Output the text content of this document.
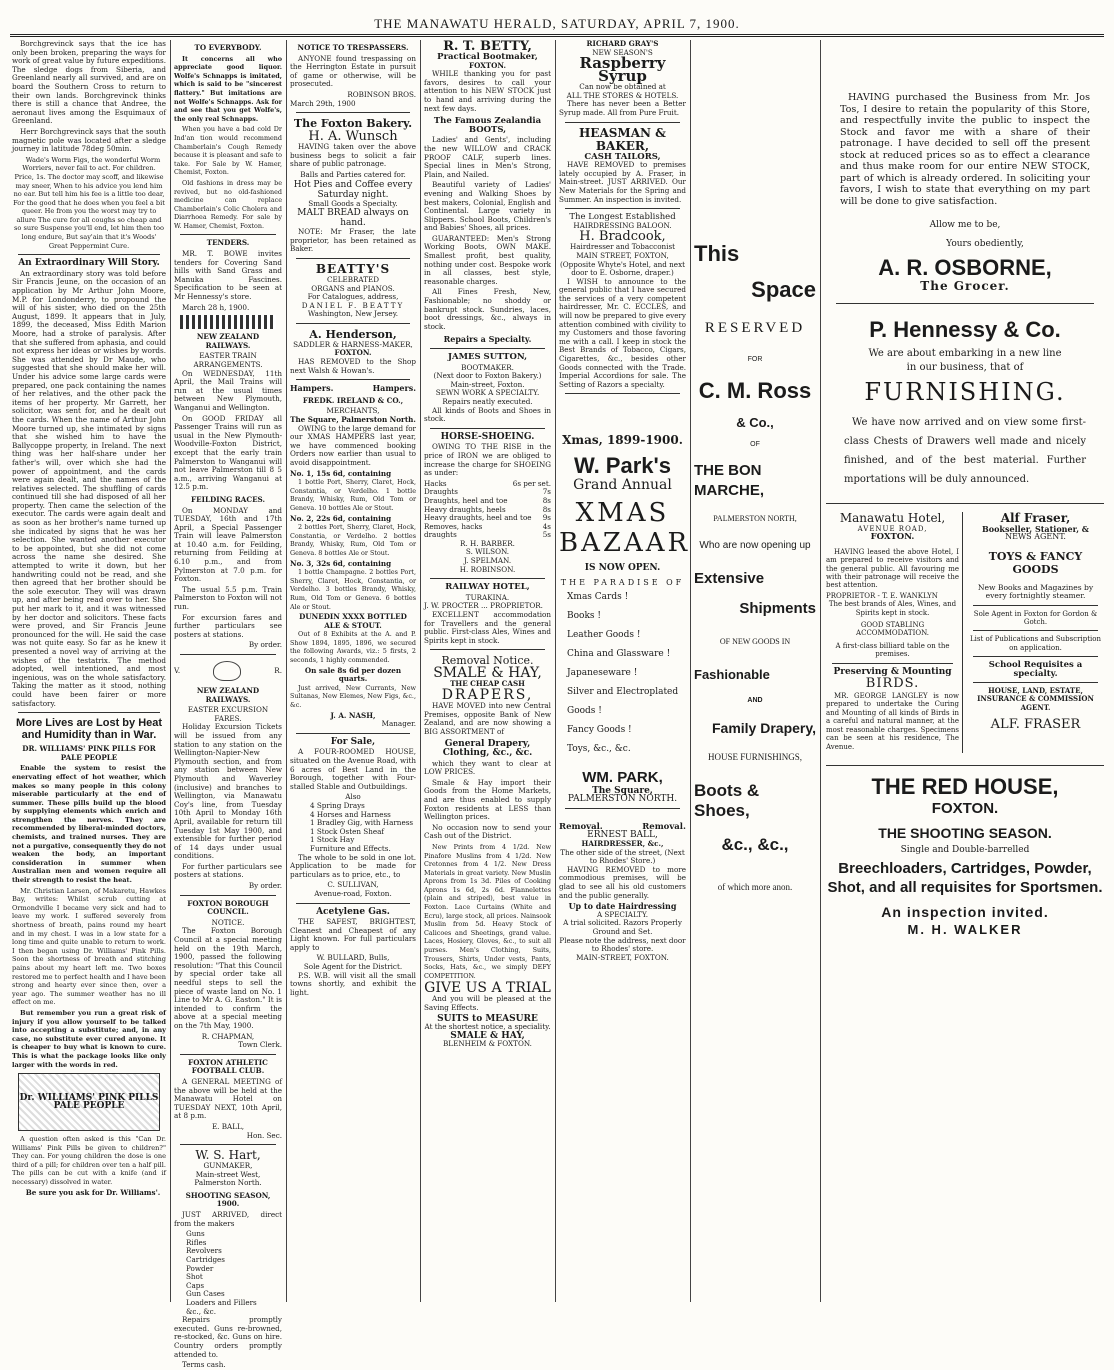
THE MANAWATU HERALD, SATURDAY, APRIL 7, 1900.

Borchgrevinck says that the ice has only been broken, preparing the ways for work of great value by future expeditions. The sledge dogs from Siberia, and Greenland nearly all survived, and are on board the Southern Cross to return to their own lands. Borchgrevinck thinks there is still a chance that Andree, the aeronaut lives among the Esquimaux of Greenland.

Herr Borchgrevinck says that the south magnetic pole was located after a sledge journey in latitude 78deg 50min.

Wade's Worm Figs, the wonderful Worm Worriers, never fail to act. For children. Price, 1s. The doctor may scoff, and likewise may sneer, When to his advice you lend him no ear. But tell him his fee is a little too dear, For the good that he does when you feel a bit queer. He from you the worst may try to allure The cure for all coughs so cheap and so sure Suspense you'll end, let him then too long endure, But say'ain that it's Woods' Great Peppermint Cure.

An Extraordinary Will Story.

An extraordinary story was told before Sir Francis Jeune, on the occasion of an application by Mr Arthur John Moore, M.P. for Londonderry, to propound the will of his sister, who died on the 25th August, 1899. It appears that in July, 1899, the deceased, Miss Edith Marion Moore, had a stroke of paralysis. After that she suffered from aphasia, and could not express her ideas or wishes by words. She was attended by Dr Maude, who suggested that she should make her will. Under his advice some large cards were prepared, one pack containing the names of her relatives, and the other pack the items of her property. Mr Garrett, her solicitor, was sent for, and he dealt out the cards. When the name of Arthur John Moore turned up, she intimated by signs that she wished him to have the Ballycoppe property, in Ireland. The next thing was her half-share under her father's will, over which she had the power of appointment, and the cards were again dealt, and the names of the relatives selected. The shuffling of cards continued till she had disposed of all her property. Then came the selection of the executor. The cards were again dealt and as soon as her brother's name turned up she indicated by signs that he was her selection. She wanted another executor to be appointed, but she did not come across the name she desired. She attempted to write it down, but her handwriting could not be read, and she then agreed that her brother should be the sole executor. They will was drawn up, and after being read over to her. She put her mark to it, and it was witnessed by her doctor and solicitors. These facts were proved, and Sir Francis Jeune pronounced for the will. He said the case was not quite easy. So far as he knew it presented a novel way of arriving at the wishes of the testatrix. The method adopted, well intentioned, and most ingenious, was on the whole satisfactory. Taking the matter as it stood, nothing could have been fairer or more satisfactory.

More Lives are Lost by Heat and Humidity than in War.
DR. WILLIAMS' PINK PILLS FOR PALE PEOPLE

Enable the system to resist the enervating effect of hot weather, which makes so many people in this colony miserable particularly at the end of summer. These pills build up the blood by supplying elements which enrich and strengthen the nerves. They are recommended by liberal-minded doctors, chemists, and trained nurses. They are not a purgative, consequently they do not weaken the body, an important consideration in summer when Australian men and women require all their strength to resist the heat.

Mr. Christian Larsen, of Makaretu, Hawkes Bay, writes: Whilst scrub cutting at Ormondville I became very sick and had to leave my work. I suffered severely from shortness of breath, pains round my heart and in my chest. I was in a low state for a long time and quite unable to return to work. I then began using Dr. Williams' Pink Pills. Soon the shortness of breath and stitching pains about my heart left me. Two boxes restored me to perfect health and I have been strong and hearty ever since then, over a year ago. The summer weather has no ill effect on me.

But remember you run a great risk of injury if you allow yourself to be talked into accepting a substitute; and, in any case, no substitute ever cured anyone. It is cheaper to buy what is known to cure. This is what the package looks like only larger with the words in red.

Dr. WILLIAMS' PINK PILLS PALE PEOPLE

A question often asked is this "Can Dr. Williams' Pink Pills be given to children?" They can. For young children the dose is one third of a pill; for children over ten a half pill. The pills can be cut with a knife (and if necessary) dissolved in water.

Be sure you ask for Dr. Williams'.

TO EVERYBODY.

It concerns all who appreciate good liquor. Wolfe's Schnapps is imitated, which is said to be "sincerest flattery." But imitations are not Wolfe's Schnapps. Ask for and see that you get Wolfe's, the only real Schnapps.

When you have a bad cold Dr Ind'an tion would recommend Chamberlain's Cough Remedy because it is pleasant and safe to take. For Sale by W. Hamer, Chemist, Foxton.

Old fashions in dress may be revived, but no old-fashioned medicine can replace Chamberlain's Colic Cholera and Diarrhoea Remedy. For sale by W. Hamer, Chemist, Foxton.

TENDERS.

MR. T. BOWE invites tenders for Covering Sand hills with Sand Grass and Manuka Fascines. Specification to be seen at Mr Hennessy's store.

March 28 h, 1900.

NEW ZEALAND RAILWAYS.
EASTER TRAIN ARRANGEMENTS.

On WEDNESDAY, 11th April, the Mail Trains will run at the usual times between New Plymouth, Wanganui and Wellington.

On GOOD FRIDAY all Passenger Trains will run as usual in the New Plymouth-Woodville-Foxton District, except that the early train Palmerston to Wanganui will not leave Palmerston till 8 5 a.m., arriving Wanganui at 12.5 p.m.

FEILDING RACES.

On MONDAY and TUESDAY, 16th and 17th April, a Special Passenger Train will leave Palmerston at 10.40 a.m. for Feilding, returning from Feilding at 6.10 p.m., and from Pylmerston at 7.0 p.m. for Foxton.

The usual 5.5 p.m. Train Palmerston to Foxton will not run.

For excursion fares and further particulars see posters at stations.

By order.
V.	R.
NEW ZEALAND RAILWAYS.
EASTER EXCURSION FARES.

Holiday Excursion Tickets will be issued from any station to any station on the Wellington-Napier-New Plymouth section, and from any station between New Plymouth and Waverley (inclusive) and branches to Wellington, via Manawatu Coy's line, from Tuesday 10th April to Monday 16th April, available for return till Tuesday 1st May 1900, and extensible for further period of 14 days under usual conditions.

For further particulars see posters at stations.

By order.
FOXTON BOROUGH COUNCIL.
NOTICE.

The Foxton Borough Council at a special meeting held on the 19th March, 1900, passed the following resolution: "That this Council by special order take all needful steps to sell the piece of waste land on No. 1 Line to Mr A. G. Easton." It is intended to confirm the above at a special meeting on the 7th May, 1900.

R. CHAPMAN,
Town Clerk.
FOXTON ATHLETIC FOOTBALL CLUB.

A GENERAL MEETING of the above will be held at the Manawatu Hotel on TUESDAY NEXT, 10th April, at 8 p.m.

E. BALL,
Hon. Sec.
W. S. Hart,
GUNMAKER,
Main-street West, Palmerston North.
SHOOTING SEASON, 1900.

JUST ARRIVED, direct from the makers

Guns
Rifles
Revolvers
Cartridges
Powder
Shot
Caps
Gun Cases
Loaders and Fillers
&c., &c.

Repairs promptly executed. Guns re-browned, re-stocked, &c. Guns on hire. Country orders promptly attended to.

Terms cash.

NOTICE TO TRESPASSERS.

ANYONE found trespassing on the Herrington Estate in pursuit of game or otherwise, will be prosecuted.

ROBINSON BROS.
March 29th, 1900
The Foxton Bakery.
H. A. Wunsch

HAVING taken over the above business begs to solicit a fair share of public patronage.

Balls and Parties catered for.
Hot Pies and Coffee every Saturday night.
Small Goods a Specialty.
MALT BREAD always on hand.

NOTE: Mr Fraser, the late proprietor, has been retained as Baker.

BEATTY'S
CELEBRATED
ORGANS and PIANOS.
For Catalogues, address,
DANIEL F. BEATTY
Washington, New Jersey.
A. Henderson,
SADDLER & HARNESS-MAKER,
FOXTON.

HAS REMOVED to the Shop next Walsh & Howan's.

Hampers.	Hampers.
FREDK. IRELAND & CO.,
MERCHANTS,
The Square, Palmerston North.

OWING to the large demand for our XMAS HAMPERS last year, we have commenced booking Orders now earlier than usual to avoid disappointment.

No. 1, 15s 6d, containing

1 bottle Port, Sherry, Claret, Hock, Constantia, or Verdelho. 1 bottle Brandy, Whisky, Rum, Old Tom or Geneva. 10 bottles Ale or Stout.

No. 2, 22s 6d, containing

2 bottles Port, Sherry, Claret, Hock, Constantia, or Verdelho. 2 bottles Brandy, Whisky, Rum, Old Tom or Geneva. 8 bottles Ale or Stout.

No. 3, 32s 6d, containing

1 bottle Champagne. 2 bottles Port, Sherry, Claret, Hock, Constantia, or Verdelho. 3 bottles Brandy, Whisky, Rum, Old Tom or Geneva. 6 bottles Ale or Stout.

DUNEDIN XXXX BOTTLED ALE & STOUT.

Out of 8 Exhibits at the A. and P. Show 1894, 1895, 1896, we secured the following Awards, viz.: 5 firsts, 2 seconds, 1 highly commended.

On sale 8s 6d per dozen quarts.

Just arrived, New Currants, New Sultanas, New Elemes, New Figs, &c., &c.

J. A. NASH,
Manager.
For Sale,

A FOUR-ROOMED HOUSE, situated on the Avenue Road, with 6 acres of Best Land in the Borough, together with Four-stalled Stable and Outbuildings.

Also
4 Spring Drays
4 Horses and Harness
1 Bradley Gig, with Harness
1 Stock Osten Sheaf
1 Stock Hay
Furniture and Effects.

The whole to be sold in one lot. Application to be made for particulars as to price, etc., to

C. SULLIVAN,
Avenue-road, Foxton.
Acetylene Gas.

THE SAFEST, BRIGHTEST, Cleanest and Cheapest of any Light known. For full particulars apply to

W. BULLARD, Bulls,
Sole Agent for the District.

P.S. W.B. will visit all the small towns shortly, and exhibit the light.

R. T. BETTY,
Practical Bootmaker,
FOXTON.

WHILE thanking you for past favors, desires to call your attention to his NEW STOCK just to hand and arriving during the next few days.

The Famous Zealandia BOOTS,

Ladies' and Gents', including the new WILLOW and CRACK PROOF CALF, superb lines. Special lines in Men's Strong, Plain, and Nailed.

Beautiful variety of Ladies' evening and Walking Shoes by best makers, Colonial, English and Continental. Large variety in Slippers. School Boots, Children's and Babies' Shoes, all prices.

GUARANTEED: Men's Strong Working Boots, OWN MAKE. Smallest profit, best quality, nothing under cost. Bespoke work in all classes, best style, reasonable charges.

All Fines Fresh, New, Fashionable; no shoddy or bankrupt stock. Sundries, laces, boot dressings, &c., always in stock.

Repairs a Specialty.
JAMES SUTTON,
BOOTMAKER.
(Next door to Foxton Bakery.) Main-street, Foxton.
SEWN WORK A SPECIALTY.
Repairs neatly executed.

All kinds of Boots and Shoes in stock.

HORSE-SHOEING.

OWING TO THE RISE in the price of IRON we are obliged to increase the charge for SHOEING as under:

Hacks	6s per set.
Draughts	7s
Draughts, heel and toe	8s
Heavy draughts, heels	8s
Heavy draughts, heel and toe 9s
Removes, hacks	4s
draughts	5s
R. H. BARBER.
S. WILSON.
J. SPELMAN.
H. ROBINSON.
RAILWAY HOTEL,
TURAKINA.
J. W. PROCTER ... PROPRIETOR.

EXCELLENT accommodation for Travellers and the general public. First-class Ales, Wines and Spirits kept in stock.

Removal Notice.
SMALE & HAY,
THE CHEAP CASH
DRAPERS,

HAVE MOVED into new Central Premises, opposite Bank of New Zealand, and are now showing a BIG ASSORTMENT of

General Drapery, Clothing, &c., &c.

which they want to clear at LOW PRICES.

Smale & Hay import their Goods from the Home Markets, and are thus enabled to supply Foxton residents at LESS than Wellington prices.

No occasion now to send your Cash out of the District.

New Prints from 4 1/2d. New Pinafore Muslins from 4 1/2d. New Cretonnes from 4 1/2. New Dress Materials in great variety. New Muslin Aprons from 1s 3d. Piles of Cooking Aprons 1s 6d, 2s 6d. Flannelettes (plain and striped), best value in Foxton. Lace Curtains (White and Ecru), large stock, all prices. Nainsook Muslin from 5d. Heavy Stock of Calicoes and Sheetings, grand value. Laces, Hosiery, Gloves, &c., to suit all purses. Men's Clothing, Suits, Trousers, Shirts, Under vests, Pants, Socks, Hats, &c., we simply DEFY COMPETITION.

GIVE US A TRIAL

And you will be pleased at the Saving Effects.

SUITS to MEASURE
At the shortest notice, a speciality.
SMALE & HAY,
BLENHEIM & FOXTON.
RICHARD GRAY'S
NEW SEASON'S
Raspberry Syrup
Can now be obtained at
ALL THE STORES & HOTELS.

There has never been a Better Syrup made. All from Pure Fruit.

HEASMAN & BAKER,
CASH TAILORS,

HAVE REMOVED to premises lately occupied by A. Fraser, in Main-street. JUST ARRIVED. Our New Materials for the Spring and Summer. An inspection is invited.

The Longest Established
HAIRDRESSING BALOON.
H. Bradcook,
Hairdresser and Tobacconist
MAIN STREET, FOXTON,
(Opposite Whyte's Hotel, and next door to E. Osborne, draper.)

I WISH to announce to the general public that I have secured the services of a very competent hairdresser, Mr. C. ECCLES, and will now be prepared to give every attention combined with civility to my Customers and those favoring me with a call. I keep in stock the Best Brands of Tobacco, Cigars, Cigarettes, &c., besides other Goods connected with the Trade. Imperial Accordions for sale. The Setting of Razors a specialty.

Xmas, 1899-1900.
W. Park's
Grand Annual
XMAS
BAZAAR
IS NOW OPEN.
THE PARADISE OF
Xmas Cards !
Books !
Leather Goods !
China and Glassware !
Japaneseware !
Silver and Electroplated Goods !
Fancy Goods !
Toys, &c., &c.
WM. PARK,
The Square,
PALMERSTON NORTH.
Removal.	Removal.
ERNEST BALL,
HAIRDRESSER, &c.,
The other side of the street, (Next to Rhodes' Store.)

HAVING REMOVED to more commodious premises, will be glad to see all his old customers and the public generally.

Up to date Hairdressing
A SPECIALTY.
A trial solicited. Razors Properly Ground and Set.
Please note the address, next door to Rhodes' store.
MAIN-STREET, FOXTON.
This
Space
RESERVED
FOR
C. M. Ross
& Co.,
OF
THE BON MARCHE,
PALMERSTON NORTH,
Who are now opening up
Extensive
Shipments
OF NEW GOODS IN
Fashionable
AND
Family Drapery,
HOUSE FURNISHINGS,
Boots & Shoes,
&c., &c.,
of which more anon.

HAVING purchased the Business from Mr. Jos Tos, I desire to retain the popularity of this Store, and respectfully invite the public to inspect the Stock and favor me with a share of their patronage. I have decided to sell off the present stock at reduced prices so as to effect a clearance and thus make room for our entire NEW STOCK, part of which is already ordered. In soliciting your favors, I wish to state that everything on my part will be done to give satisfaction.

Allow me to be,
Yours obediently,
A. R. OSBORNE,
The Grocer.
P. Hennessy & Co.
We are about embarking in a new line
in our business, that of
FURNISHING.

We have now arrived and on view some first-class Chests of Drawers well made and nicely finished, and of the best material. Further mportations will be duly announced.

Manawatu Hotel,
AVENUE ROAD,
FOXTON.

HAVING leased the above Hotel, I am prepared to receive visitors and the general public. All favouring me with their patronage will receive the best attention.

PROPRIETOR - T. E. WANKLYN
The best brands of Ales, Wines, and Spirits kept in stock.
GOOD STABLING ACCOMMODATION.
A first-class billiard table on the premises.
Preserving & Mounting
BIRDS.

MR. GEORGE LANGLEY is now prepared to undertake the Curing and Mounting of all kinds of Birds in a careful and natural manner, at the most reasonable charges. Specimens can be seen at his residence, The Avenue.

Alf Fraser,
Bookseller, Stationer, &
NEWS AGENT.
TOYS & FANCY GOODS
New Books and Magazines by every fortnightly steamer.
Sole Agent in Foxton for Gordon & Gotch.
List of Publications and Subscription on application.
School Requisites a specialty.
HOUSE, LAND, ESTATE, INSURANCE & COMMISSION AGENT.
ALF. FRASER
THE RED HOUSE,
FOXTON.
THE SHOOTING SEASON.
Single and Double-barrelled
Breechloaders, Cartridges, Powder, Shot, and all requisites for Sportsmen.
An inspection invited.
M. H. WALKER
